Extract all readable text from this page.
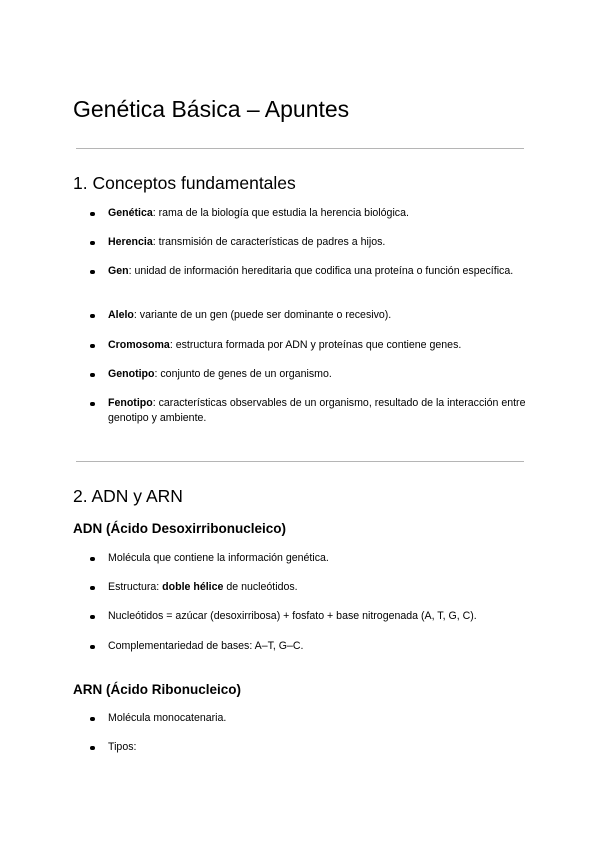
Genética Básica – Apuntes
1. Conceptos fundamentales
Genética: rama de la biología que estudia la herencia biológica.
Herencia: transmisión de características de padres a hijos.
Gen: unidad de información hereditaria que codifica una proteína o función específica.
Alelo: variante de un gen (puede ser dominante o recesivo).
Cromosoma: estructura formada por ADN y proteínas que contiene genes.
Genotipo: conjunto de genes de un organismo.
Fenotipo: características observables de un organismo, resultado de la interacción entre genotipo y ambiente.
2. ADN y ARN
ADN (Ácido Desoxirribonucleico)
Molécula que contiene la información genética.
Estructura: doble hélice de nucleótidos.
Nucleótidos = azúcar (desoxirribosa) + fosfato + base nitrogenada (A, T, G, C).
Complementariedad de bases: A–T, G–C.
ARN (Ácido Ribonucleico)
Molécula monocatenaria.
Tipos:
